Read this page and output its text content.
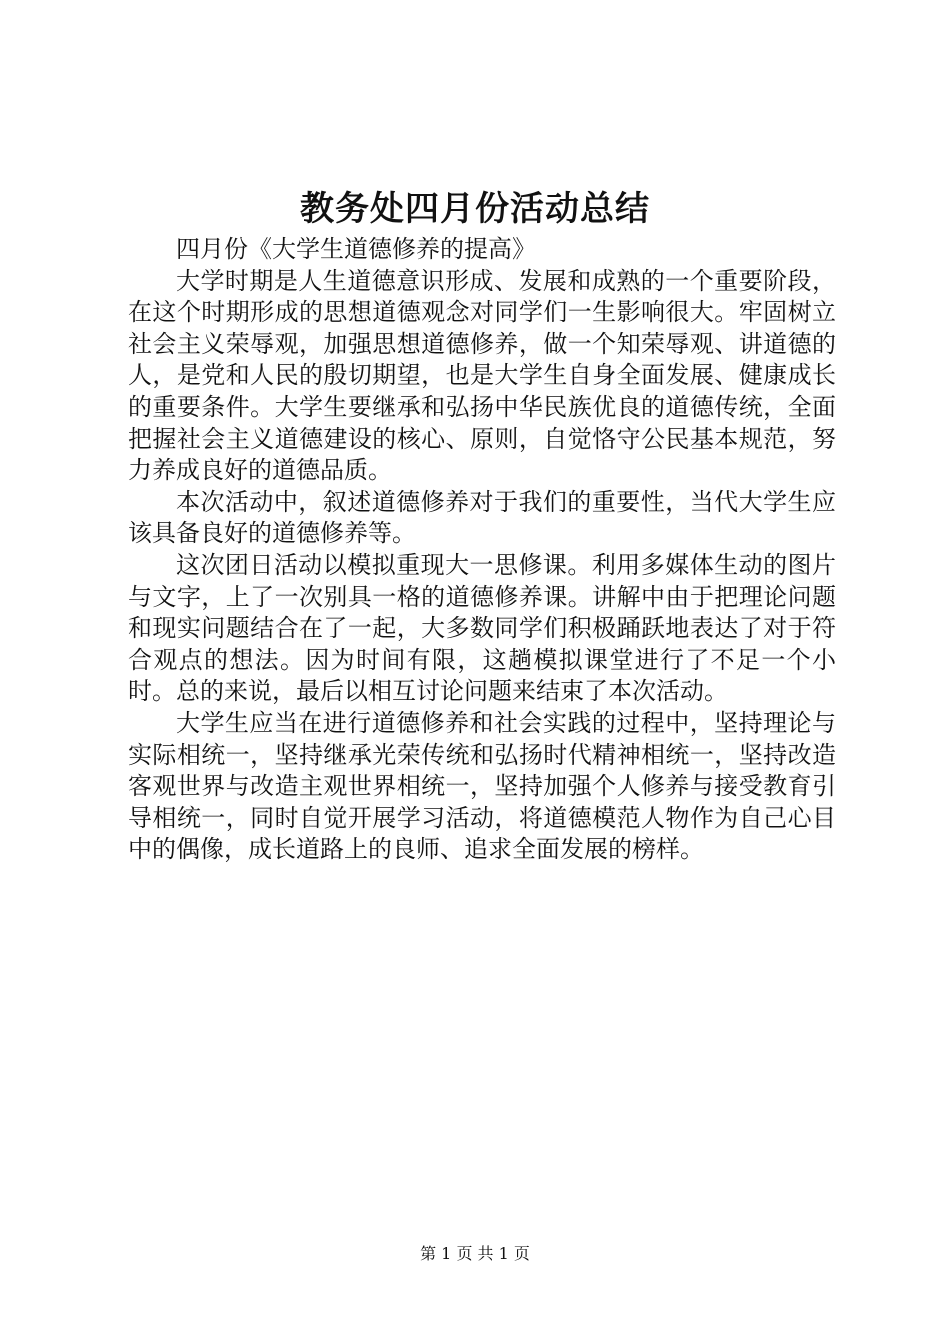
教务处四月份活动总结

四月份《大学生道德修养的提高》

大学时期是人生道德意识形成、发展和成熟的一个重要阶段，在这个时期形成的思想道德观念对同学们一生影响很大。牢固树立社会主义荣辱观，加强思想道德修养，做一个知荣辱观、讲道德的人，是党和人民的殷切期望，也是大学生自身全面发展、健康成长的重要条件。大学生要继承和弘扬中华民族优良的道德传统，全面把握社会主义道德建设的核心、原则，自觉恪守公民基本规范，努力养成良好的道德品质。

本次活动中，叙述道德修养对于我们的重要性，当代大学生应该具备良好的道德修养等。

这次团日活动以模拟重现大一思修课。利用多媒体生动的图片与文字，上了一次别具一格的道德修养课。讲解中由于把理论问题和现实问题结合在了一起，大多数同学们积极踊跃地表达了对于符合观点的想法。因为时间有限，这趟模拟课堂进行了不足一个小时。总的来说，最后以相互讨论问题来结束了本次活动。

大学生应当在进行道德修养和社会实践的过程中，坚持理论与实际相统一，坚持继承光荣传统和弘扬时代精神相统一，坚持改造客观世界与改造主观世界相统一，坚持加强个人修养与接受教育引导相统一，同时自觉开展学习活动，将道德模范人物作为自己心目中的偶像，成长道路上的良师、追求全面发展的榜样。

第 1 页 共 1 页
